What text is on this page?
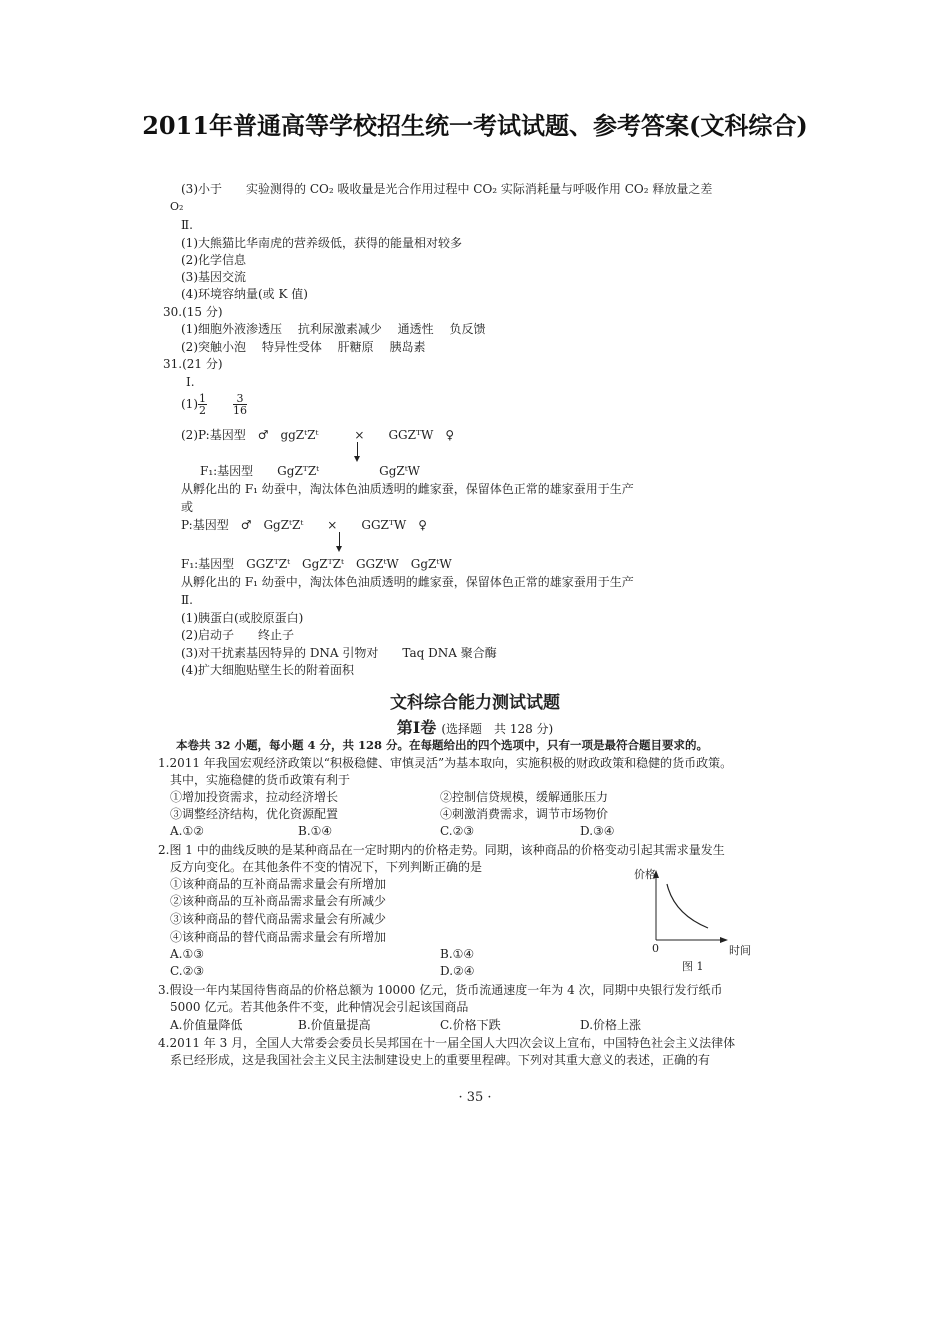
2011年普通高等学校招生统一考试试题、参考答案(文科综合)
(3)小于　　实验测得的 CO₂ 吸收量是光合作用过程中 CO₂ 实际消耗量与呼吸作用 CO₂ 释放量之差
O₂
Ⅱ.
(1)大熊猫比华南虎的营养级低，获得的能量相对较多
(2)化学信息
(3)基因交流
(4)环境容纳量(或 K 值)
30.(15 分)
(1)细胞外液渗透压　 抗利尿激素减少　 通透性　 负反馈
(2)突触小泡　 特异性受体　 肝糖原　 胰岛素
31.(21 分)
Ⅰ.
$(1) \frac{1}{2} \frac{3}{16}$
(2)P:基因型　♂　ggZᵗZᵗ　　　×　　GGZᵀW　♀
F₁:基因型　　GgZᵀZᵗ　　　　　GgZᵗW
从孵化出的 F₁ 幼蚕中，淘汰体色油质透明的雌家蚕，保留体色正常的雄家蚕用于生产
或
P:基因型　♂　GgZᵗZᵗ　　×　　GGZᵀW　♀
F₁:基因型　GGZᵀZᵗ　GgZᵀZᵗ　GGZᵗW　GgZᵗW
从孵化出的 F₁ 幼蚕中，淘汰体色油质透明的雌家蚕，保留体色正常的雄家蚕用于生产
Ⅱ.
(1)胰蛋白(或胶原蛋白)
(2)启动子　　终止子
(3)对干扰素基因特异的 DNA 引物对　　Taq DNA 聚合酶
(4)扩大细胞贴壁生长的附着面积
文科综合能力测试试题
第Ⅰ卷 (选择题　共 128 分)
本卷共 32 小题，每小题 4 分，共 128 分。在每题给出的四个选项中，只有一项是最符合题目要求的。
1.2011 年我国宏观经济政策以“积极稳健、审慎灵活”为基本取向，实施积极的财政政策和稳健的货币政策。
其中，实施稳健的货币政策有利于
①增加投资需求，拉动经济增长	②控制信贷规模，缓解通胀压力
③调整经济结构，优化资源配置	④刺激消费需求，调节市场物价
A.①②	B.①④	C.②③	D.③④
2.图 1 中的曲线反映的是某种商品在一定时期内的价格走势。同期，该种商品的价格变动引起其需求量发生
反方向变化。在其他条件不变的情况下，下列判断正确的是
①该种商品的互补商品需求量会有所增加
②该种商品的互补商品需求量会有所减少
③该种商品的替代商品需求量会有所减少
④该种商品的替代商品需求量会有所增加
A.①③	B.①④
C.②③	D.②④
价格
0	时间
图 1
3.假设一年内某国待售商品的价格总额为 10000 亿元，货币流通速度一年为 4 次，同期中央银行发行纸币
5000 亿元。若其他条件不变，此种情况会引起该国商品
A.价值量降低	B.价值量提高	C.价格下跌	D.价格上涨
4.2011 年 3 月，全国人大常委会委员长吴邦国在十一届全国人大四次会议上宣布，中国特色社会主义法律体
系已经形成，这是我国社会主义民主法制建设史上的重要里程碑。下列对其重大意义的表述，正确的有
· 35 ·
